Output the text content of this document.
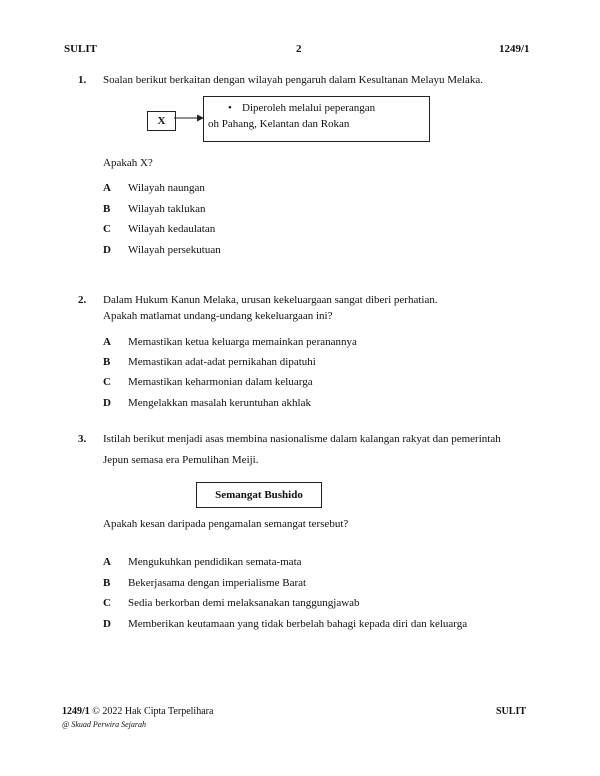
SULIT	2	1249/1
1. Soalan berikut berkaitan dengan wilayah pengaruh dalam Kesultanan Melayu Melaka.
X
• Diperoleh melalui peperangan
oh Pahang, Kelantan dan Rokan
Apakah X?
A Wilayah naungan
B Wilayah taklukan
C Wilayah kedaulatan
D Wilayah persekutuan
2. Dalam Hukum Kanun Melaka, urusan kekeluargaan sangat diberi perhatian.
Apakah matlamat undang-undang kekeluargaan ini?
A Memastikan ketua keluarga memainkan peranannya
B Memastikan adat-adat pernikahan dipatuhi
C Memastikan keharmonian dalam keluarga
D Mengelakkan masalah keruntuhan akhlak
3. Istilah berikut menjadi asas membina nasionalisme dalam kalangan rakyat dan pemerintah
Jepun semasa era Pemulihan Meiji.
Semangat Bushido
Apakah kesan daripada pengamalan semangat tersebut?
A Mengukuhkan pendidikan semata-mata
B Bekerjasama dengan imperialisme Barat
C Sedia berkorban demi melaksanakan tanggungjawab
D Memberikan keutamaan yang tidak berbelah bahagi kepada diri dan keluarga
1249/1 © 2022 Hak Cipta Terpelihara
@ Skuad Perwira Sejarah
SULIT
